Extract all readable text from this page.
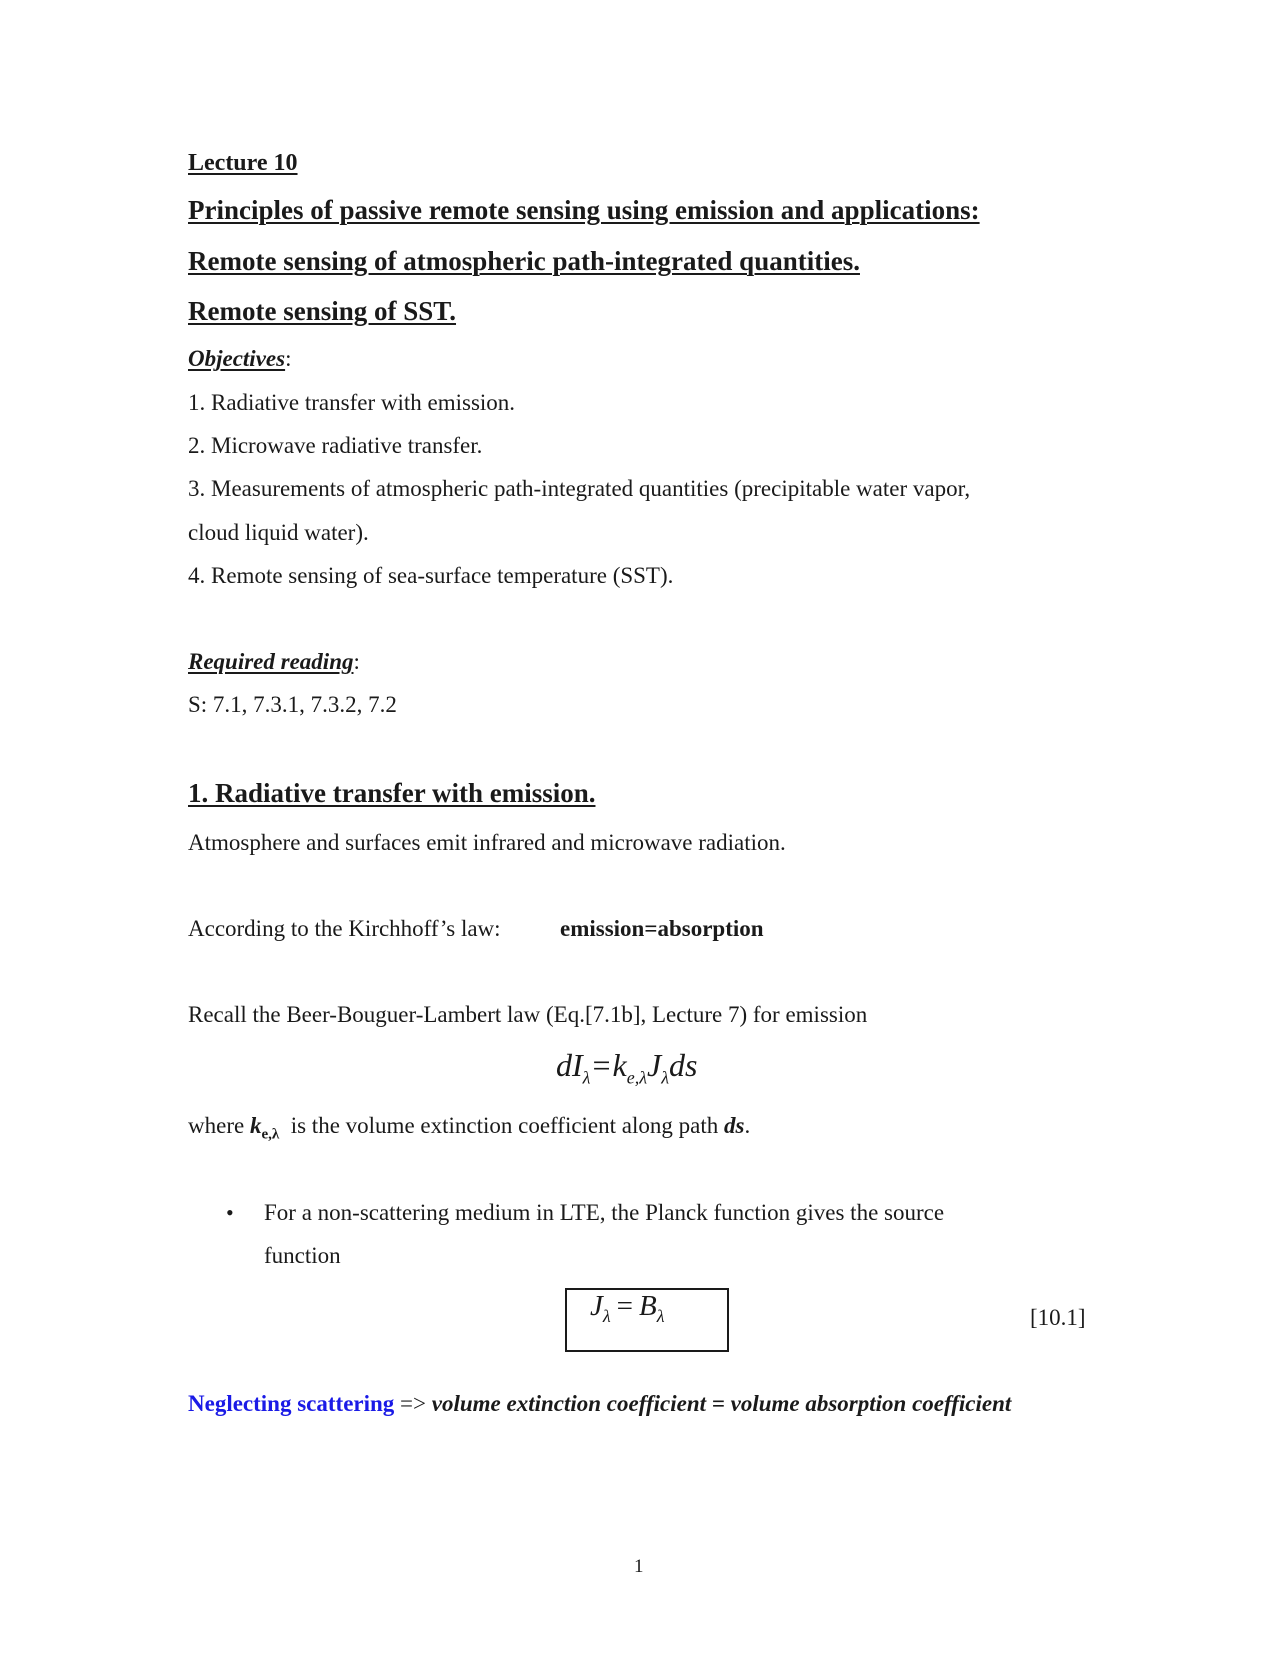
Lecture 10
Principles of passive remote sensing using emission and applications:
Remote sensing of atmospheric path-integrated quantities.
Remote sensing of SST.
Objectives:
1. Radiative transfer with emission.
2. Microwave radiative transfer.
3. Measurements of atmospheric path-integrated quantities (precipitable water vapor,
cloud liquid water).
4. Remote sensing of sea-surface temperature (SST).
Required reading:
S: 7.1, 7.3.1, 7.3.2, 7.2
1. Radiative transfer with emission.
Atmosphere and surfaces emit infrared and microwave radiation.
According to the Kirchhoff’s law:	emission=absorption
Recall the Beer-Bouguer-Lambert law (Eq.[7.1b], Lecture 7) for emission
$dI_\lambda=k_{e,\lambda}J_\lambda ds$
where $k_{e,\lambda}$ is the volume extinction coefficient along path ds.
• For a non-scattering medium in LTE, the Planck function gives the source
function
$J_\lambda = B_\lambda$	[10.1]
Neglecting scattering => volume extinction coefficient = volume absorption coefficient
1
